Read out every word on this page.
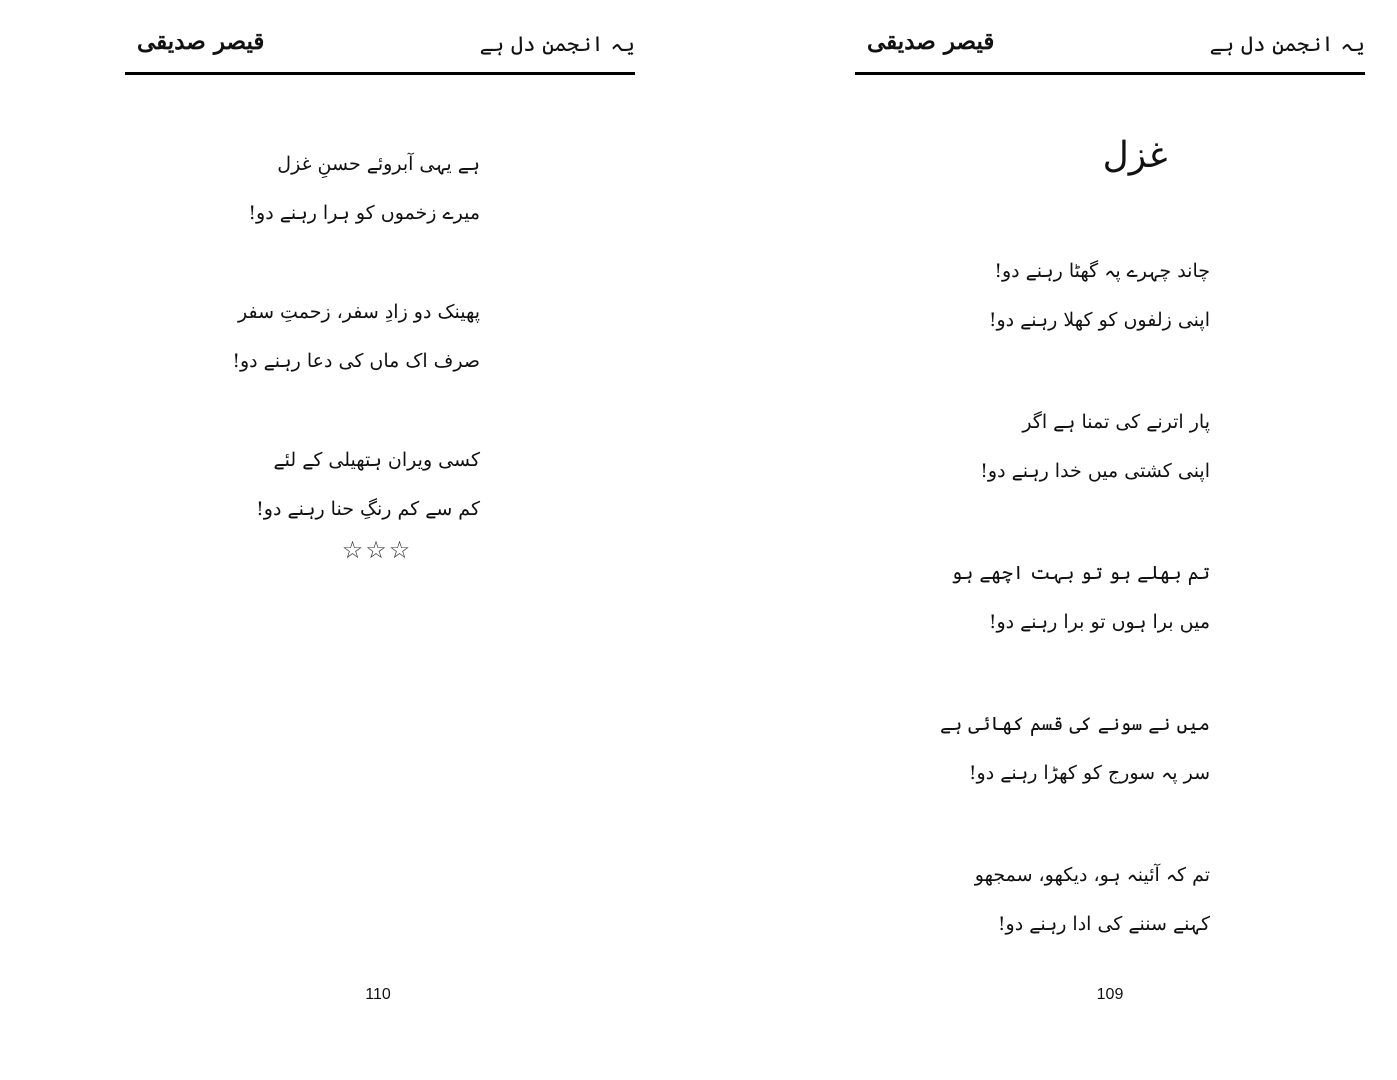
قیصر صدیقی	یہ انجمن دل ہے
ہے یہی آبروئے حسنِ غزل
میرے زخموں کو ہرا رہنے دو!
پھینک دو زادِ سفر، زحمتِ سفر
صرف اک ماں کی دعا رہنے دو!
کسی ویران ہتھیلی کے لئے
کم سے کم رنگِ حنا رہنے دو!
☆☆☆
110
قیصر صدیقی	یہ انجمن دل ہے
غزل
چاند چہرے پہ گھٹا رہنے دو!
اپنی زلفوں کو کھلا رہنے دو!
پار اترنے کی تمنا ہے اگر
اپنی کشتی میں خدا رہنے دو!
تم بھلے ہو تو بہت اچھے ہو
میں برا ہوں تو برا رہنے دو!
میں نے سونے کی قسم کھائی ہے
سر پہ سورج کو کھڑا رہنے دو!
تم کہ آئینہ ہو، دیکھو، سمجھو
کہنے سننے کی ادا رہنے دو!
109
